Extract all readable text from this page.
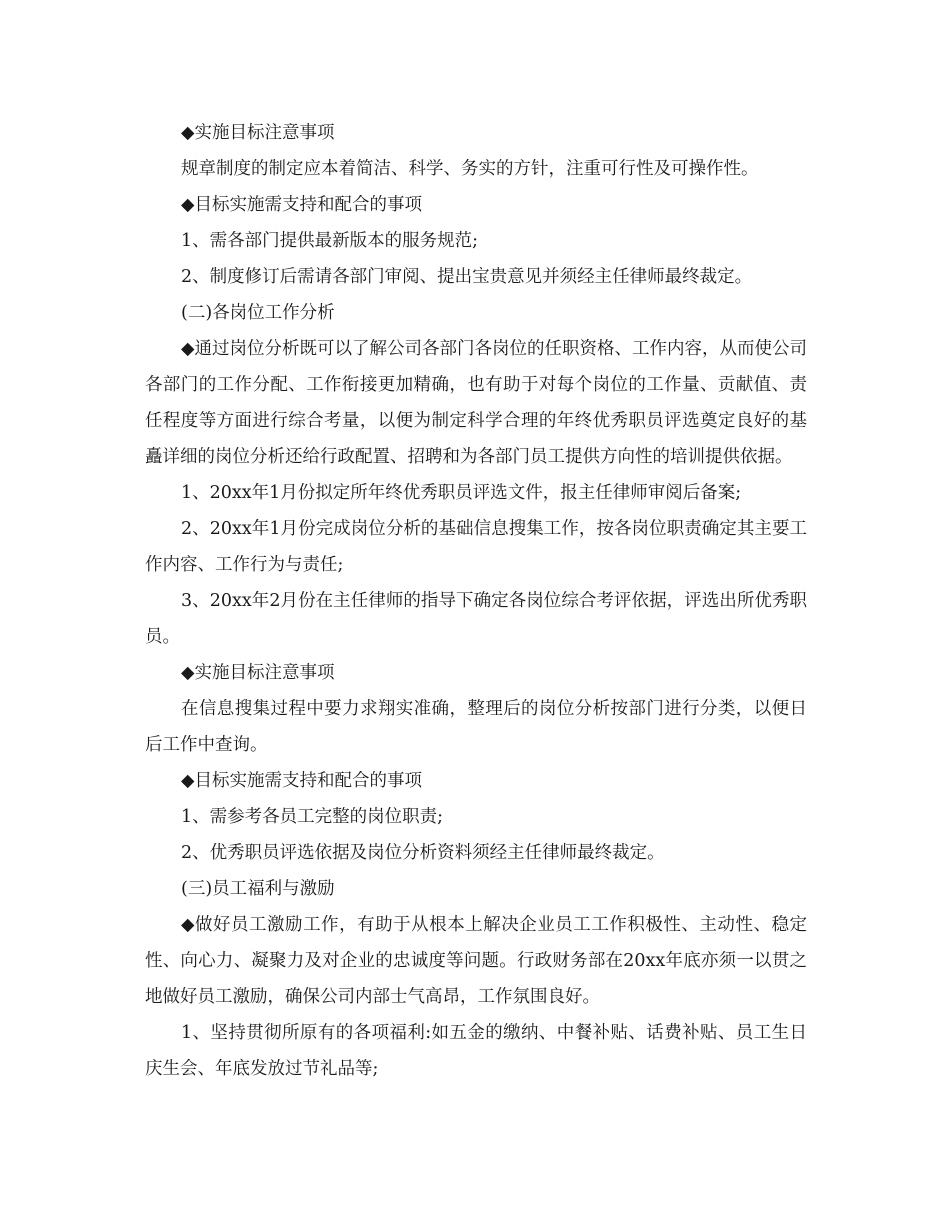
◆实施目标注意事项

规章制度的制定应本着简洁、科学、务实的方针，注重可行性及可操作性。

◆目标实施需支持和配合的事项

1、需各部门提供最新版本的服务规范;

2、制度修订后需请各部门审阅、提出宝贵意见并须经主任律师最终裁定。

(二)各岗位工作分析

◆通过岗位分析既可以了解公司各部门各岗位的任职资格、工作内容，从而使公司各部门的工作分配、工作衔接更加精确，也有助于对每个岗位的工作量、贡献值、责任程度等方面进行综合考量，以便为制定科学合理的年终优秀职员评选奠定良好的基矗详细的岗位分析还给行政配置、招聘和为各部门员工提供方向性的培训提供依据。

1、20xx年1月份拟定所年终优秀职员评选文件，报主任律师审阅后备案;

2、20xx年1月份完成岗位分析的基础信息搜集工作，按各岗位职责确定其主要工作内容、工作行为与责任;

3、20xx年2月份在主任律师的指导下确定各岗位综合考评依据，评选出所优秀职员。

◆实施目标注意事项

在信息搜集过程中要力求翔实准确，整理后的岗位分析按部门进行分类，以便日后工作中查询。

◆目标实施需支持和配合的事项

1、需参考各员工完整的岗位职责;

2、优秀职员评选依据及岗位分析资料须经主任律师最终裁定。

(三)员工福利与激励

◆做好员工激励工作，有助于从根本上解决企业员工工作积极性、主动性、稳定性、向心力、凝聚力及对企业的忠诚度等问题。行政财务部在20xx年底亦须一以贯之地做好员工激励，确保公司内部士气高昂，工作氛围良好。

1、坚持贯彻所原有的各项福利:如五金的缴纳、中餐补贴、话费补贴、员工生日庆生会、年底发放过节礼品等;
